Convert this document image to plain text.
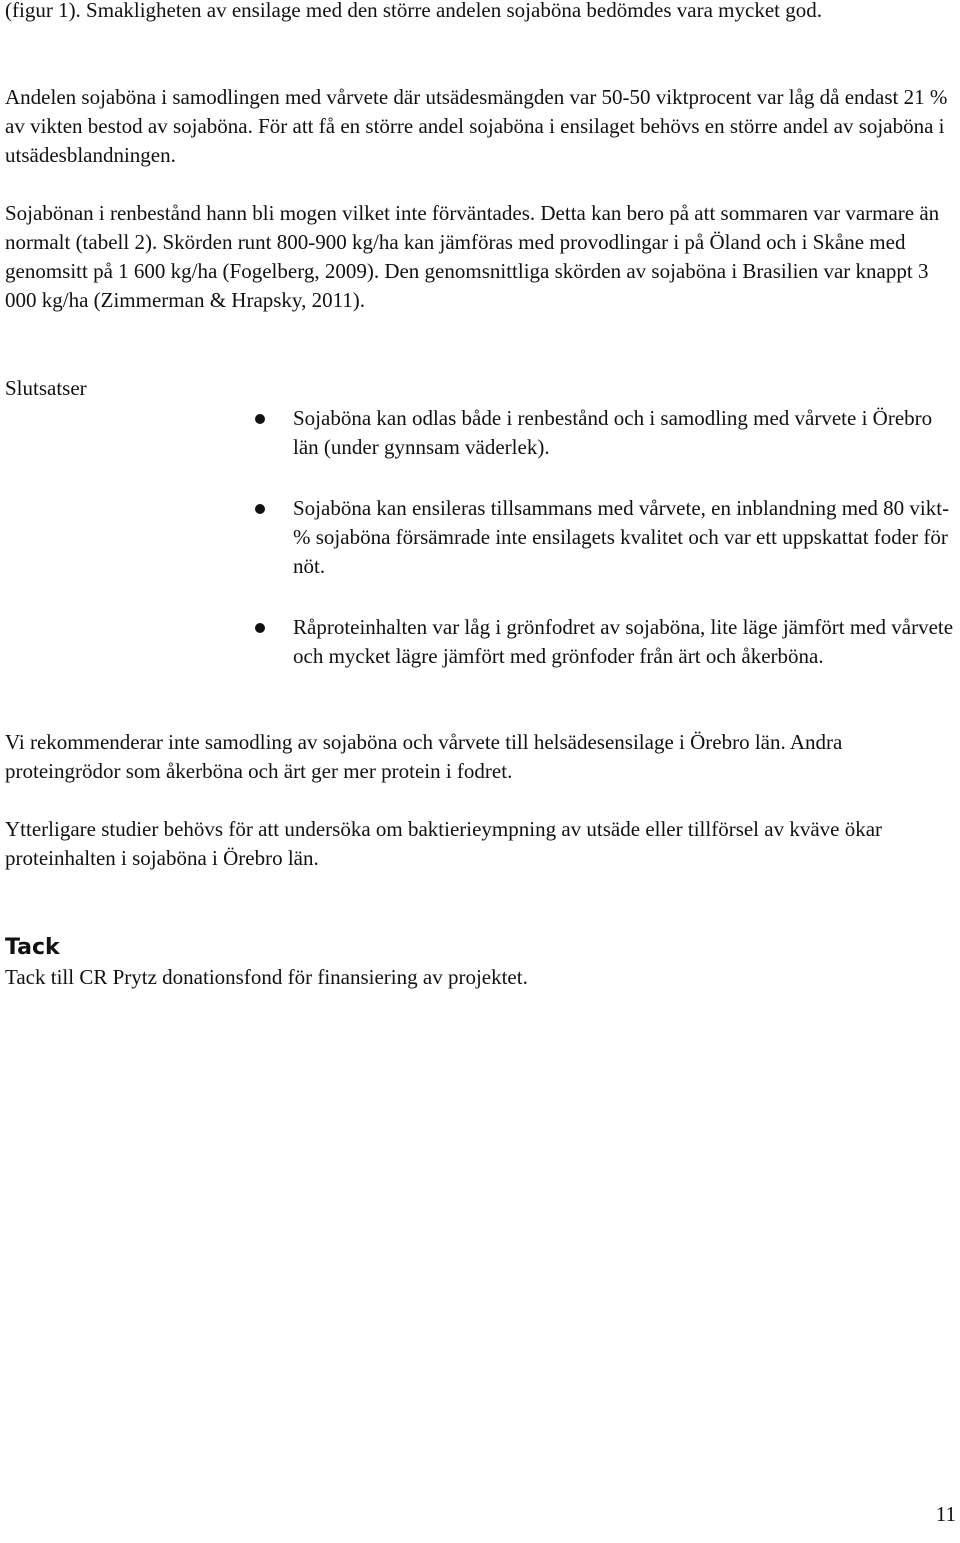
(figur 1). Smakligheten av ensilage med den större andelen sojaböna bedömdes vara mycket god.

Andelen sojaböna i samodlingen med vårvete där utsädesmängden var 50-50 viktprocent var låg då endast 21 % av vikten bestod av sojaböna. För att få en större andel sojaböna i ensilaget behövs en större andel av sojaböna i utsädesblandningen.

Sojabönan i renbestånd hann bli mogen vilket inte förväntades. Detta kan bero på att sommaren var varmare än normalt (tabell 2). Skörden runt 800-900 kg/ha kan jämföras med provodlingar i på Öland och i Skåne med genomsitt på 1 600 kg/ha (Fogelberg, 2009). Den genomsnittliga skörden av sojaböna i Brasilien var knappt 3 000 kg/ha (Zimmerman & Hrapsky, 2011).

Slutsatser

Sojaböna kan odlas både i renbestånd och i samodling med vårvete i Örebro län (under gynnsam väderlek).

Sojaböna kan ensileras tillsammans med vårvete, en inblandning med 80 vikt-% sojaböna försämrade inte ensilagets kvalitet och var ett uppskattat foder för nöt.

Råproteinhalten var låg i grönfodret av sojaböna, lite läge jämfört med vårvete och mycket lägre jämfört med grönfoder från ärt och åkerböna.

Vi rekommenderar inte samodling av sojaböna och vårvete till helsädesensilage i Örebro län. Andra proteingrödor som åkerböna och ärt ger mer protein i fodret.

Ytterligare studier behövs för att undersöka om baktierieympning av utsäde eller tillförsel av kväve ökar proteinhalten i sojaböna i Örebro län.

Tack

Tack till CR Prytz donationsfond för finansiering av projektet.

11
